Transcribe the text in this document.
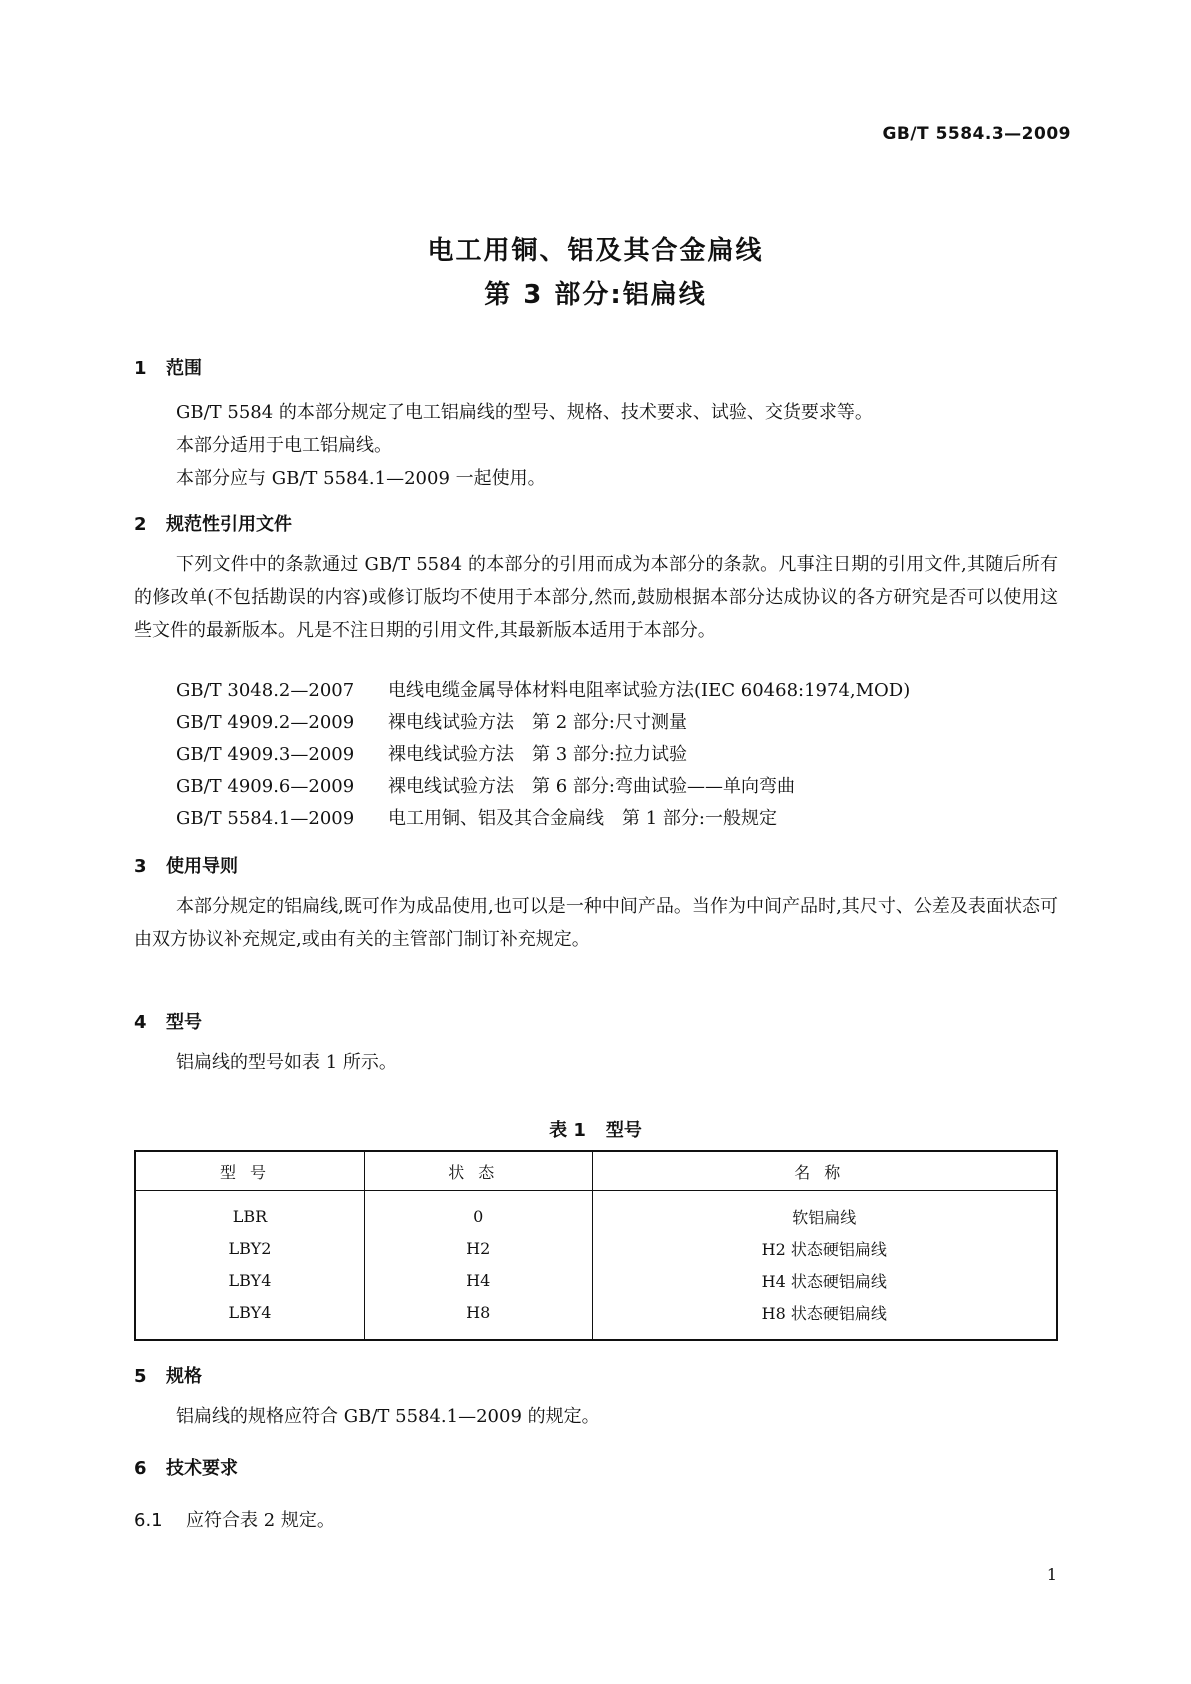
GB/T 5584.3—2009
电工用铜、铝及其合金扁线
第 3 部分:铝扁线
1 范围
GB/T 5584 的本部分规定了电工铝扁线的型号、规格、技术要求、试验、交货要求等。
本部分适用于电工铝扁线。
本部分应与 GB/T 5584.1—2009 一起使用。
2 规范性引用文件
下列文件中的条款通过 GB/T 5584 的本部分的引用而成为本部分的条款。凡事注日期的引用文件,其随后所有的修改单(不包括勘误的内容)或修订版均不使用于本部分,然而,鼓励根据本部分达成协议的各方研究是否可以使用这些文件的最新版本。凡是不注日期的引用文件,其最新版本适用于本部分。
GB/T 3048.2—2007 电线电缆金属导体材料电阻率试验方法(IEC 60468:1974,MOD)
GB/T 4909.2—2009 裸电线试验方法　第 2 部分:尺寸测量
GB/T 4909.3—2009 裸电线试验方法　第 3 部分:拉力试验
GB/T 4909.6—2009 裸电线试验方法　第 6 部分:弯曲试验——单向弯曲
GB/T 5584.1—2009 电工用铜、铝及其合金扁线　第 1 部分:一般规定
3 使用导则
本部分规定的铝扁线,既可作为成品使用,也可以是一种中间产品。当作为中间产品时,其尺寸、公差及表面状态可由双方协议补充规定,或由有关的主管部门制订补充规定。
4 型号
铝扁线的型号如表 1 所示。
表 1 型号
型号	状态	名称
LBR	0	软铝扁线
LBY2	H2	H2 状态硬铝扁线
LBY4	H4	H4 状态硬铝扁线
LBY4	H8	H8 状态硬铝扁线
5 规格
铝扁线的规格应符合 GB/T 5584.1—2009 的规定。
6 技术要求
6.1 应符合表 2 规定。
1
